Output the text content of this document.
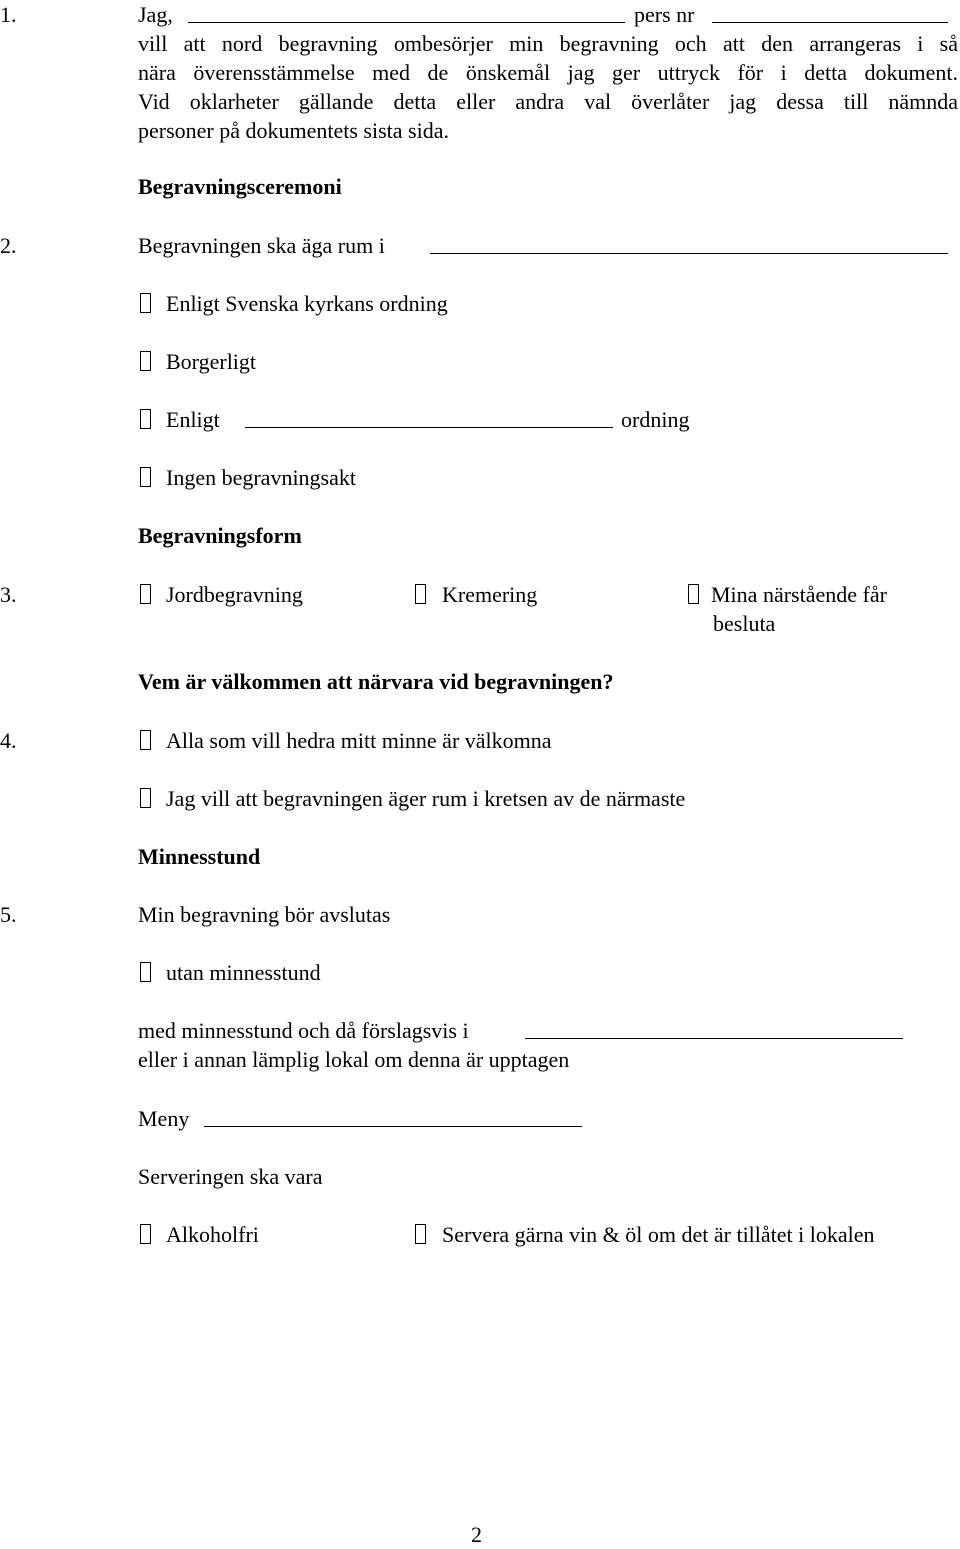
1.	Jag,	pers nr
vill att nord begravning ombesörjer min begravning och att den arrangeras i så
nära överensstämmelse med de önskemål jag ger uttryck för i detta dokument.
Vid oklarheter gällande detta eller andra val överlåter jag dessa till nämnda
personer på dokumentets sista sida.
Begravningsceremoni
2.	Begravningen ska äga rum i
Enligt Svenska kyrkans ordning
Borgerligt
Enligt	ordning
Ingen begravningsakt
Begravningsform
3.	Jordbegravning	Kremering	Mina närstående får
besluta
Vem är välkommen att närvara vid begravningen?
4.	Alla som vill hedra mitt minne är välkomna
Jag vill att begravningen äger rum i kretsen av de närmaste
Minnesstund
5.	Min begravning bör avslutas
utan minnesstund
med minnesstund och då förslagsvis i
eller i annan lämplig lokal om denna är upptagen
Meny
Serveringen ska vara
Alkoholfri	Servera gärna vin & öl om det är tillåtet i lokalen
2
